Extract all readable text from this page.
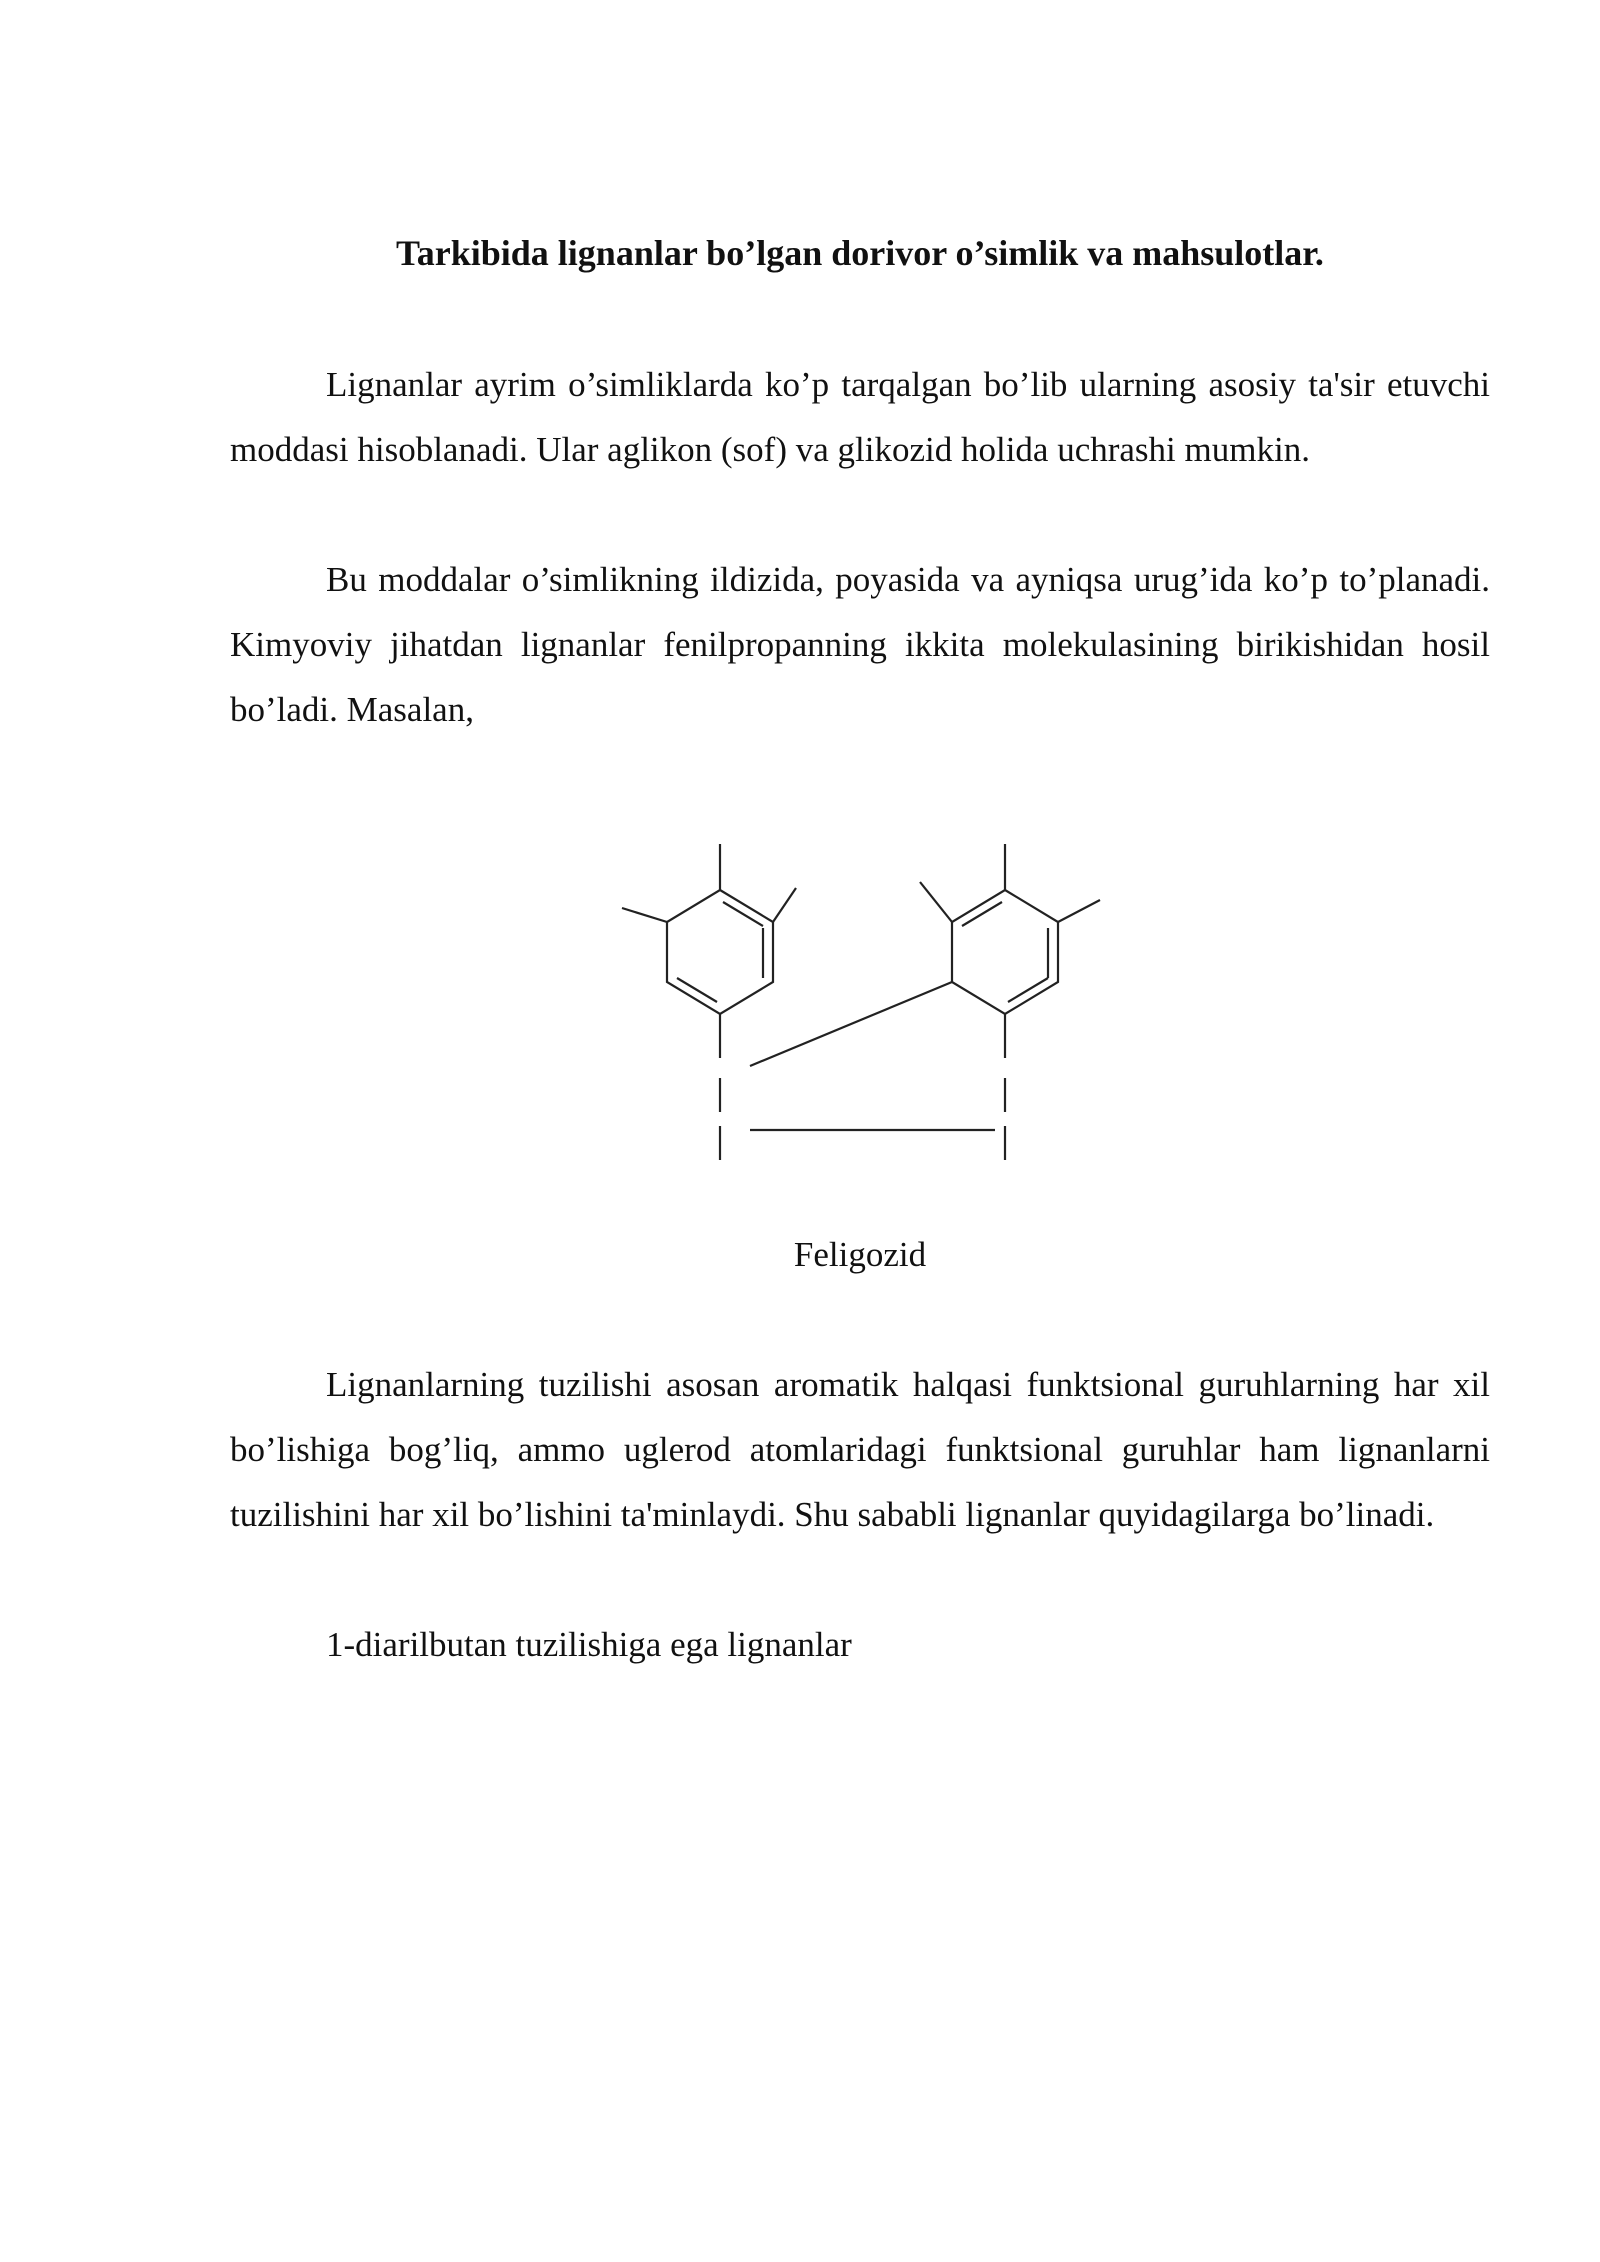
Tarkibida lignanlar bo’lgan dorivor o’simlik va mahsulotlar.

Lignanlar ayrim o’simliklarda ko’p tarqalgan bo’lib ularning asosiy ta'sir etuvchi moddasi hisoblanadi. Ular aglikon (sof) va glikozid holida uchrashi mumkin.

Bu moddalar o’simlikning ildizida, poyasida va ayniqsa urug’ida ko’p to’planadi. Kimyoviy jihatdan lignanlar fenilpropanning ikkita molekulasining birikishidan hosil bo’ladi. Masalan,

Feligozid

Lignanlarning tuzilishi asosan aromatik halqasi funktsional guruhlarning har xil bo’lishiga bog’liq, ammo uglerod atomlaridagi funktsional guruhlar ham lignanlarni tuzilishini har xil bo’lishini ta'minlaydi. Shu sababli lignanlar quyidagilarga bo’linadi.

1-diarilbutan tuzilishiga ega lignanlar
